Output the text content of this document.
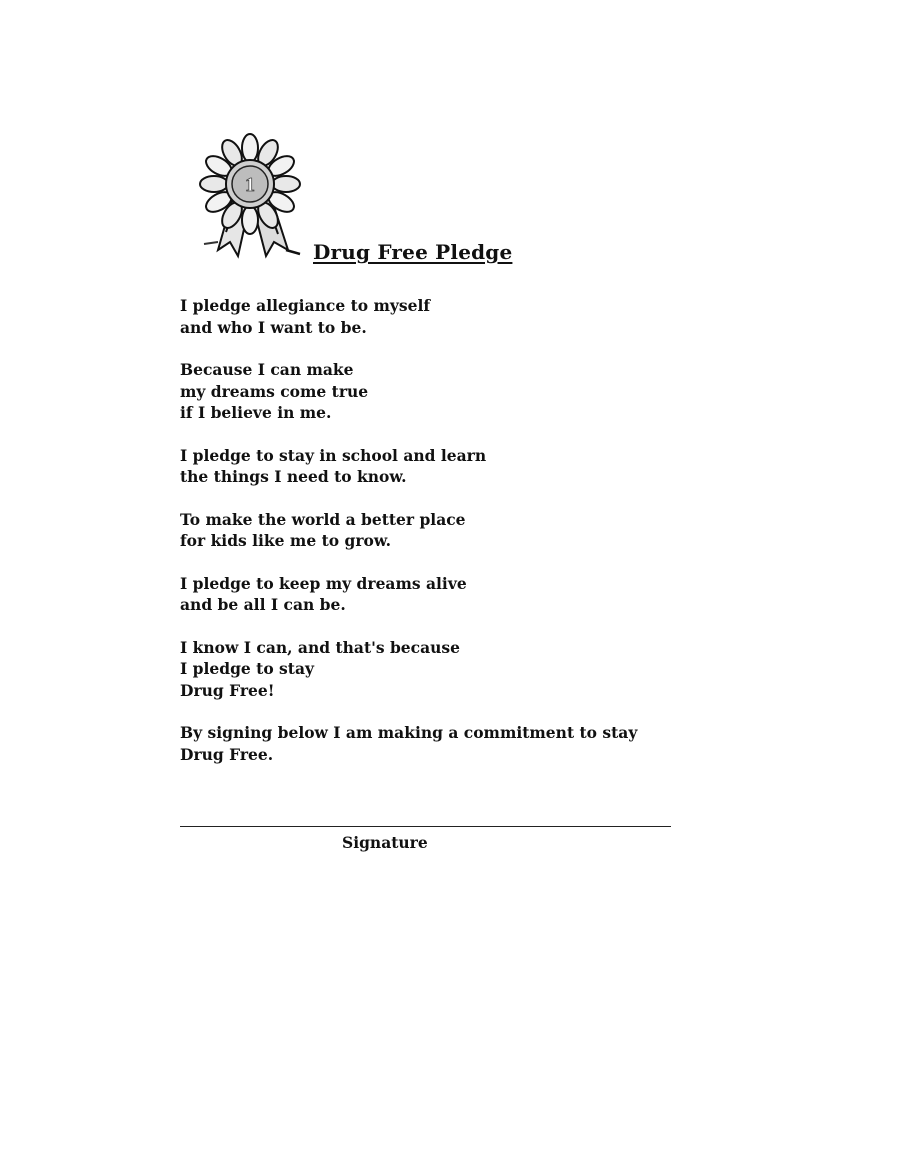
1
Drug Free Pledge
I pledge allegiance to myself
and who I want to be.
Because I can make
my dreams come true
if I believe in me.
I pledge to stay in school and learn
the things I need to know.
To make the world a better place
for kids like me to grow.
I pledge to keep my dreams alive
and be all I can be.
I know I can, and that's because
I pledge to stay
Drug Free!
By signing below I am making a commitment to stay
Drug Free.
Signature
